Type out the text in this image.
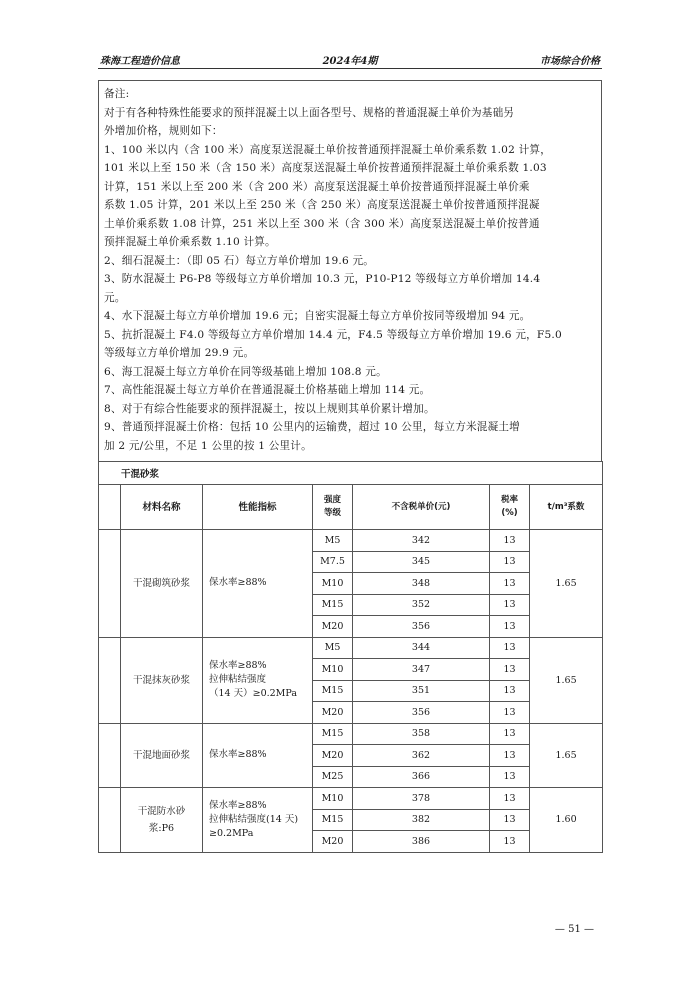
珠海工程造价信息	2024年4期	市场综合价格

备注:

对于有各种特殊性能要求的预拌混凝土以上面各型号、规格的普通混凝土单价为基础另

外增加价格，规则如下：

1、100 米以内（含 100 米）高度泵送混凝土单价按普通预拌混凝土单价乘系数 1.02 计算，

101 米以上至 150 米（含 150 米）高度泵送混凝土单价按普通预拌混凝土单价乘系数 1.03

计算，151 米以上至 200 米（含 200 米）高度泵送混凝土单价按普通预拌混凝土单价乘

系数 1.05 计算，201 米以上至 250 米（含 250 米）高度泵送混凝土单价按普通预拌混凝

土单价乘系数 1.08 计算，251 米以上至 300 米（含 300 米）高度泵送混凝土单价按普通

预拌混凝土单价乘系数 1.10 计算。

2、细石混凝土：（即 05 石）每立方单价增加 19.6 元。

3、防水混凝土 P6-P8 等级每立方单价增加 10.3 元，P10-P12 等级每立方单价增加 14.4

元。

4、水下混凝土每立方单价增加 19.6 元；自密实混凝土每立方单价按同等级增加 94 元。

5、抗折混凝土 F4.0 等级每立方单价增加 14.4 元，F4.5 等级每立方单价增加 19.6 元，F5.0

等级每立方单价增加 29.9 元。

6、海工混凝土每立方单价在同等级基础上增加 108.8 元。

7、高性能混凝土每立方单价在普通混凝土价格基础上增加 114 元。

8、对于有综合性能要求的预拌混凝土，按以上规则其单价累计增加。

9、普通预拌混凝土价格：包括 10 公里内的运输费，超过 10 公里，每立方米混凝土增

加 2 元/公里，不足 1 公里的按 1 公里计。

干混砂浆						
	材料名称	性能指标	强度
等级	不含税单价(元)	税率
(%)	t/m³系数
	干混砌筑砂浆	保水率≥88%	M5	342	13	1.65
			M7.5	345	13	
			M10	348	13	
			M15	352	13	
			M20	356	13	
	干混抹灰砂浆	保水率≥88%
拉伸粘结强度
（14 天）≥0.2MPa	M5	344	13	1.65
			M10	347	13	
			M15	351	13	
			M20	356	13	
	干混地面砂浆	保水率≥88%	M15	358	13	1.65
			M20	362	13	
			M25	366	13	
	干混防水砂
浆:P6	保水率≥88%
拉伸粘结强度(14 天)
≥0.2MPa	M10	378	13	1.60
			M15	382	13	
			M20	386	13	
— 51 —
